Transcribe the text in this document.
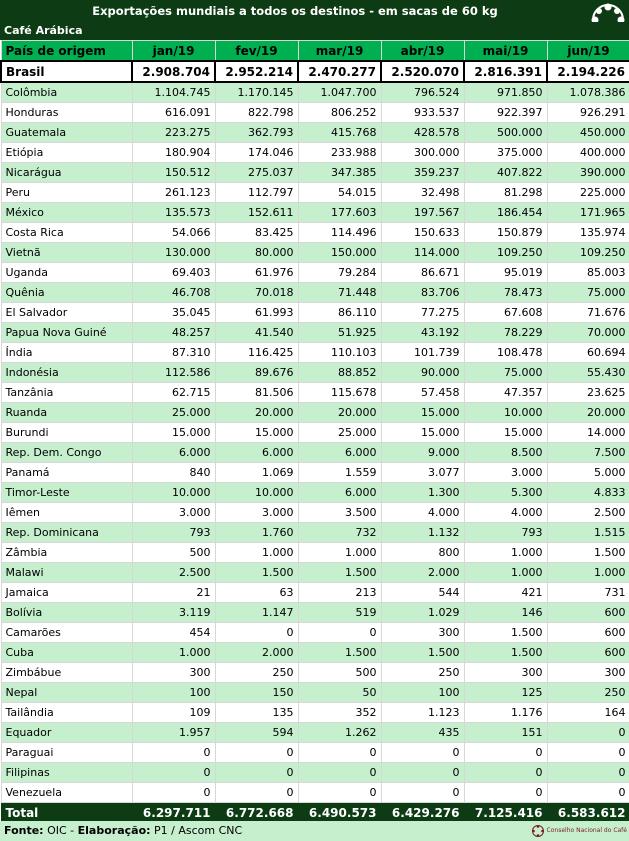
Exportações mundiais a todos os destinos - em sacas de 60 kg
Café Arábica
País de origem	jan/19	fev/19	mar/19	abr/19	mai/19	jun/19
Brasil	2.908.704	2.952.214	2.470.277	2.520.070	2.816.391	2.194.226
Colômbia	1.104.745	1.170.145	1.047.700	796.524	971.850	1.078.386
Honduras	616.091	822.798	806.252	933.537	922.397	926.291
Guatemala	223.275	362.793	415.768	428.578	500.000	450.000
Etiópia	180.904	174.046	233.988	300.000	375.000	400.000
Nicarágua	150.512	275.037	347.385	359.237	407.822	390.000
Peru	261.123	112.797	54.015	32.498	81.298	225.000
México	135.573	152.611	177.603	197.567	186.454	171.965
Costa Rica	54.066	83.425	114.496	150.633	150.879	135.974
Vietnã	130.000	80.000	150.000	114.000	109.250	109.250
Uganda	69.403	61.976	79.284	86.671	95.019	85.003
Quênia	46.708	70.018	71.448	83.706	78.473	75.000
El Salvador	35.045	61.993	86.110	77.275	67.608	71.676
Papua Nova Guiné	48.257	41.540	51.925	43.192	78.229	70.000
Índia	87.310	116.425	110.103	101.739	108.478	60.694
Indonésia	112.586	89.676	88.852	90.000	75.000	55.430
Tanzânia	62.715	81.506	115.678	57.458	47.357	23.625
Ruanda	25.000	20.000	20.000	15.000	10.000	20.000
Burundi	15.000	15.000	25.000	15.000	15.000	14.000
Rep. Dem. Congo	6.000	6.000	6.000	9.000	8.500	7.500
Panamá	840	1.069	1.559	3.077	3.000	5.000
Timor-Leste	10.000	10.000	6.000	1.300	5.300	4.833
Iêmen	3.000	3.000	3.500	4.000	4.000	2.500
Rep. Dominicana	793	1.760	732	1.132	793	1.515
Zâmbia	500	1.000	1.000	800	1.000	1.500
Malawi	2.500	1.500	1.500	2.000	1.000	1.000
Jamaica	21	63	213	544	421	731
Bolívia	3.119	1.147	519	1.029	146	600
Camarões	454	0	0	300	1.500	600
Cuba	1.000	2.000	1.500	1.500	1.500	600
Zimbábue	300	250	500	250	300	300
Nepal	100	150	50	100	125	250
Tailândia	109	135	352	1.123	1.176	164
Equador	1.957	594	1.262	435	151	0
Paraguai	0	0	0	0	0	0
Filipinas	0	0	0	0	0	0
Venezuela	0	0	0	0	0	0
Total	6.297.711	6.772.668	6.490.573	6.429.276	7.125.416	6.583.612
Fonte: OIC - Elaboração: P1 / Ascom CNC	Conselho Nacional do Café
